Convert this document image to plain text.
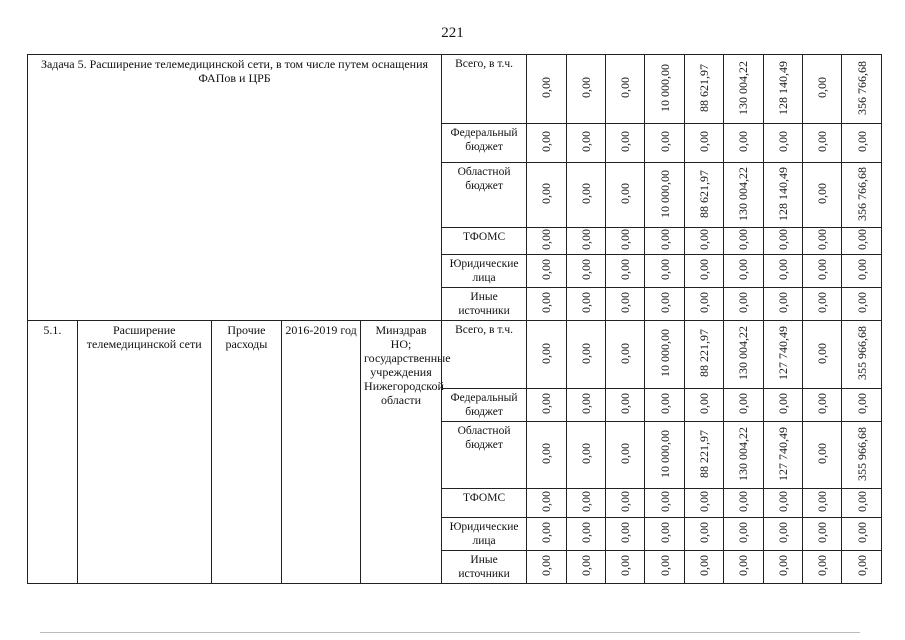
221
Задача 5. Расширение телемедицинской сети, в том числе путем оснащения ФАПов и ЦРБ					Всего, в т.ч.	0,00	0,00	0,00	10 000,00	88 621,97	130 004,22	128 140,49	0,00	356 766,68
					Федеральный бюджет	0,00	0,00	0,00	0,00	0,00	0,00	0,00	0,00	0,00
					Областной бюджет	0,00	0,00	0,00	10 000,00	88 621,97	130 004,22	128 140,49	0,00	356 766,68
					ТФОМС	0,00	0,00	0,00	0,00	0,00	0,00	0,00	0,00	0,00
					Юридические лица	0,00	0,00	0,00	0,00	0,00	0,00	0,00	0,00	0,00
					Иные источники	0,00	0,00	0,00	0,00	0,00	0,00	0,00	0,00	0,00
5.1.	Расширение телемедицинской сети	Прочие расходы	2016-2019 год	Минздрав НО; государственные учреждения Нижегородской области	Всего, в т.ч.	0,00	0,00	0,00	10 000,00	88 221,97	130 004,22	127 740,49	0,00	355 966,68
					Федеральный бюджет	0,00	0,00	0,00	0,00	0,00	0,00	0,00	0,00	0,00
					Областной бюджет	0,00	0,00	0,00	10 000,00	88 221,97	130 004,22	127 740,49	0,00	355 966,68
					ТФОМС	0,00	0,00	0,00	0,00	0,00	0,00	0,00	0,00	0,00
					Юридические лица	0,00	0,00	0,00	0,00	0,00	0,00	0,00	0,00	0,00
					Иные источники	0,00	0,00	0,00	0,00	0,00	0,00	0,00	0,00	0,00
